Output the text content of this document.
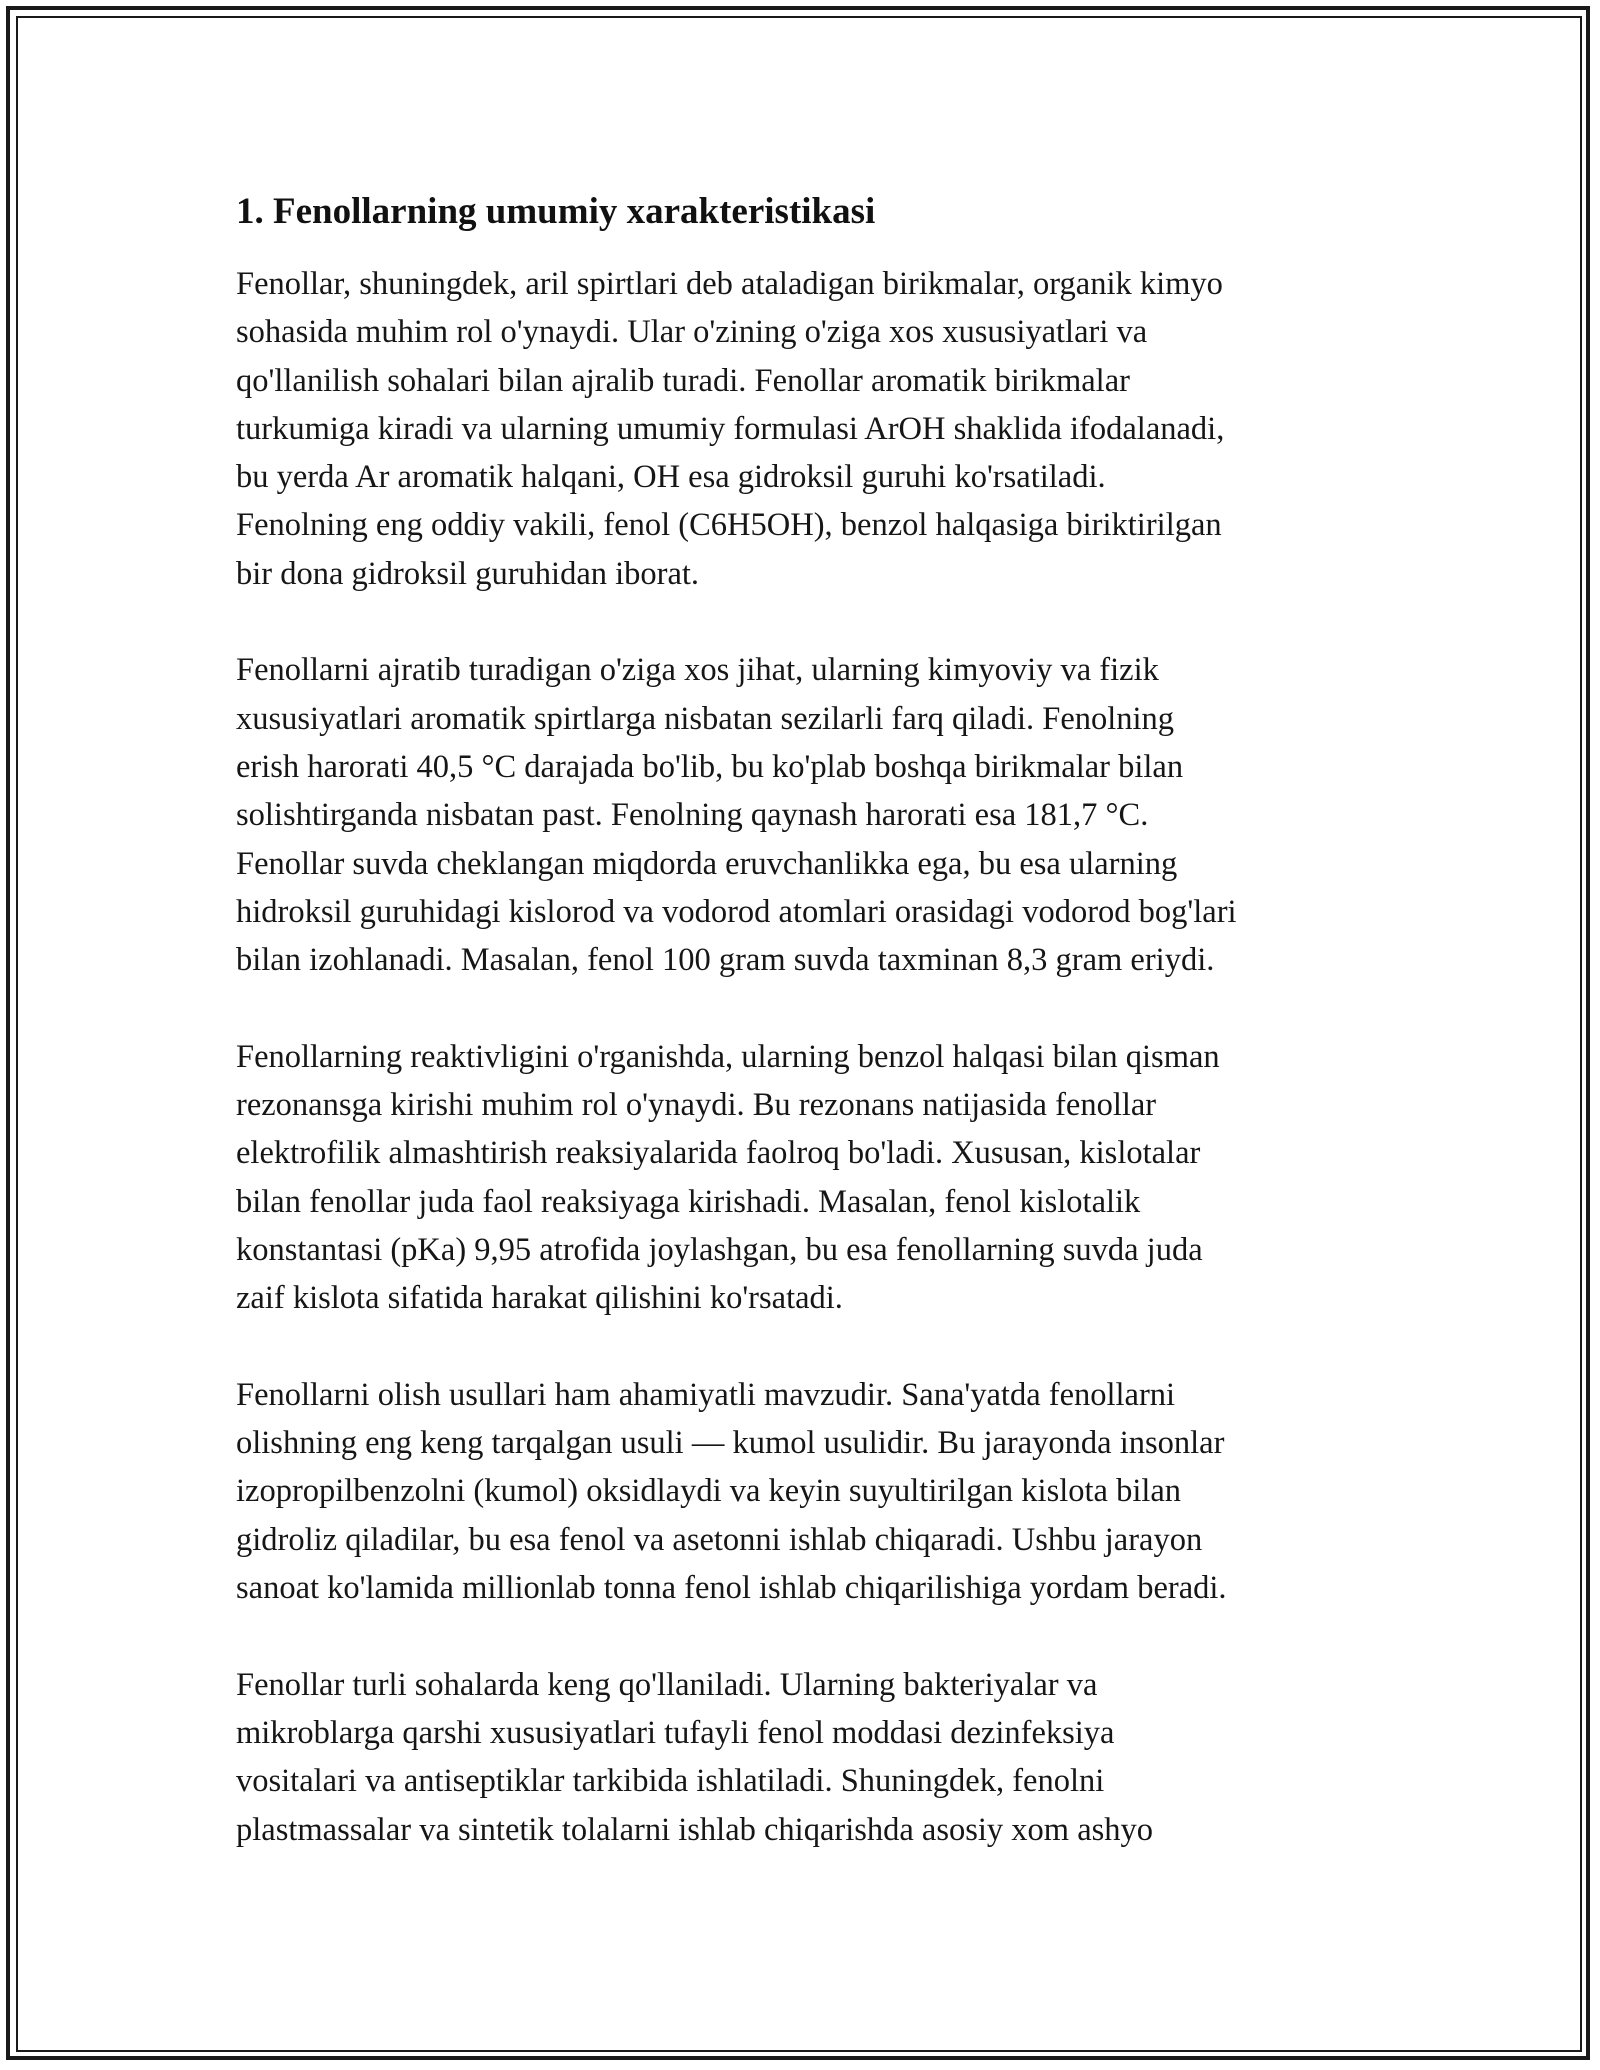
1. Fenollarning umumiy xarakteristikasi

Fenollar, shuningdek, aril spirtlari deb ataladigan birikmalar, organik kimyo
sohasida muhim rol o'ynaydi. Ular o'zining o'ziga xos xususiyatlari va
qo'llanilish sohalari bilan ajralib turadi. Fenollar aromatik birikmalar
turkumiga kiradi va ularning umumiy formulasi ArOH shaklida ifodalanadi,
bu yerda Ar aromatik halqani, OH esa gidroksil guruhi ko'rsatiladi.
Fenolning eng oddiy vakili, fenol (C6H5OH), benzol halqasiga biriktirilgan
bir dona gidroksil guruhidan iborat.

Fenollarni ajratib turadigan o'ziga xos jihat, ularning kimyoviy va fizik
xususiyatlari aromatik spirtlarga nisbatan sezilarli farq qiladi. Fenolning
erish harorati 40,5 °C darajada bo'lib, bu ko'plab boshqa birikmalar bilan
solishtirganda nisbatan past. Fenolning qaynash harorati esa 181,7 °C.
Fenollar suvda cheklangan miqdorda eruvchanlikka ega, bu esa ularning
hidroksil guruhidagi kislorod va vodorod atomlari orasidagi vodorod bog'lari
bilan izohlanadi. Masalan, fenol 100 gram suvda taxminan 8,3 gram eriydi.

Fenollarning reaktivligini o'rganishda, ularning benzol halqasi bilan qisman
rezonansga kirishi muhim rol o'ynaydi. Bu rezonans natijasida fenollar
elektrofilik almashtirish reaksiyalarida faolroq bo'ladi. Xususan, kislotalar
bilan fenollar juda faol reaksiyaga kirishadi. Masalan, fenol kislotalik
konstantasi (pKa) 9,95 atrofida joylashgan, bu esa fenollarning suvda juda
zaif kislota sifatida harakat qilishini ko'rsatadi.

Fenollarni olish usullari ham ahamiyatli mavzudir. Sana'yatda fenollarni
olishning eng keng tarqalgan usuli — kumol usulidir. Bu jarayonda insonlar
izopropilbenzolni (kumol) oksidlaydi va keyin suyultirilgan kislota bilan
gidroliz qiladilar, bu esa fenol va asetonni ishlab chiqaradi. Ushbu jarayon
sanoat ko'lamida millionlab tonna fenol ishlab chiqarilishiga yordam beradi.

Fenollar turli sohalarda keng qo'llaniladi. Ularning bakteriyalar va
mikroblarga qarshi xususiyatlari tufayli fenol moddasi dezinfeksiya
vositalari va antiseptiklar tarkibida ishlatiladi. Shuningdek, fenolni
plastmassalar va sintetik tolalarni ishlab chiqarishda asosiy xom ashyo
